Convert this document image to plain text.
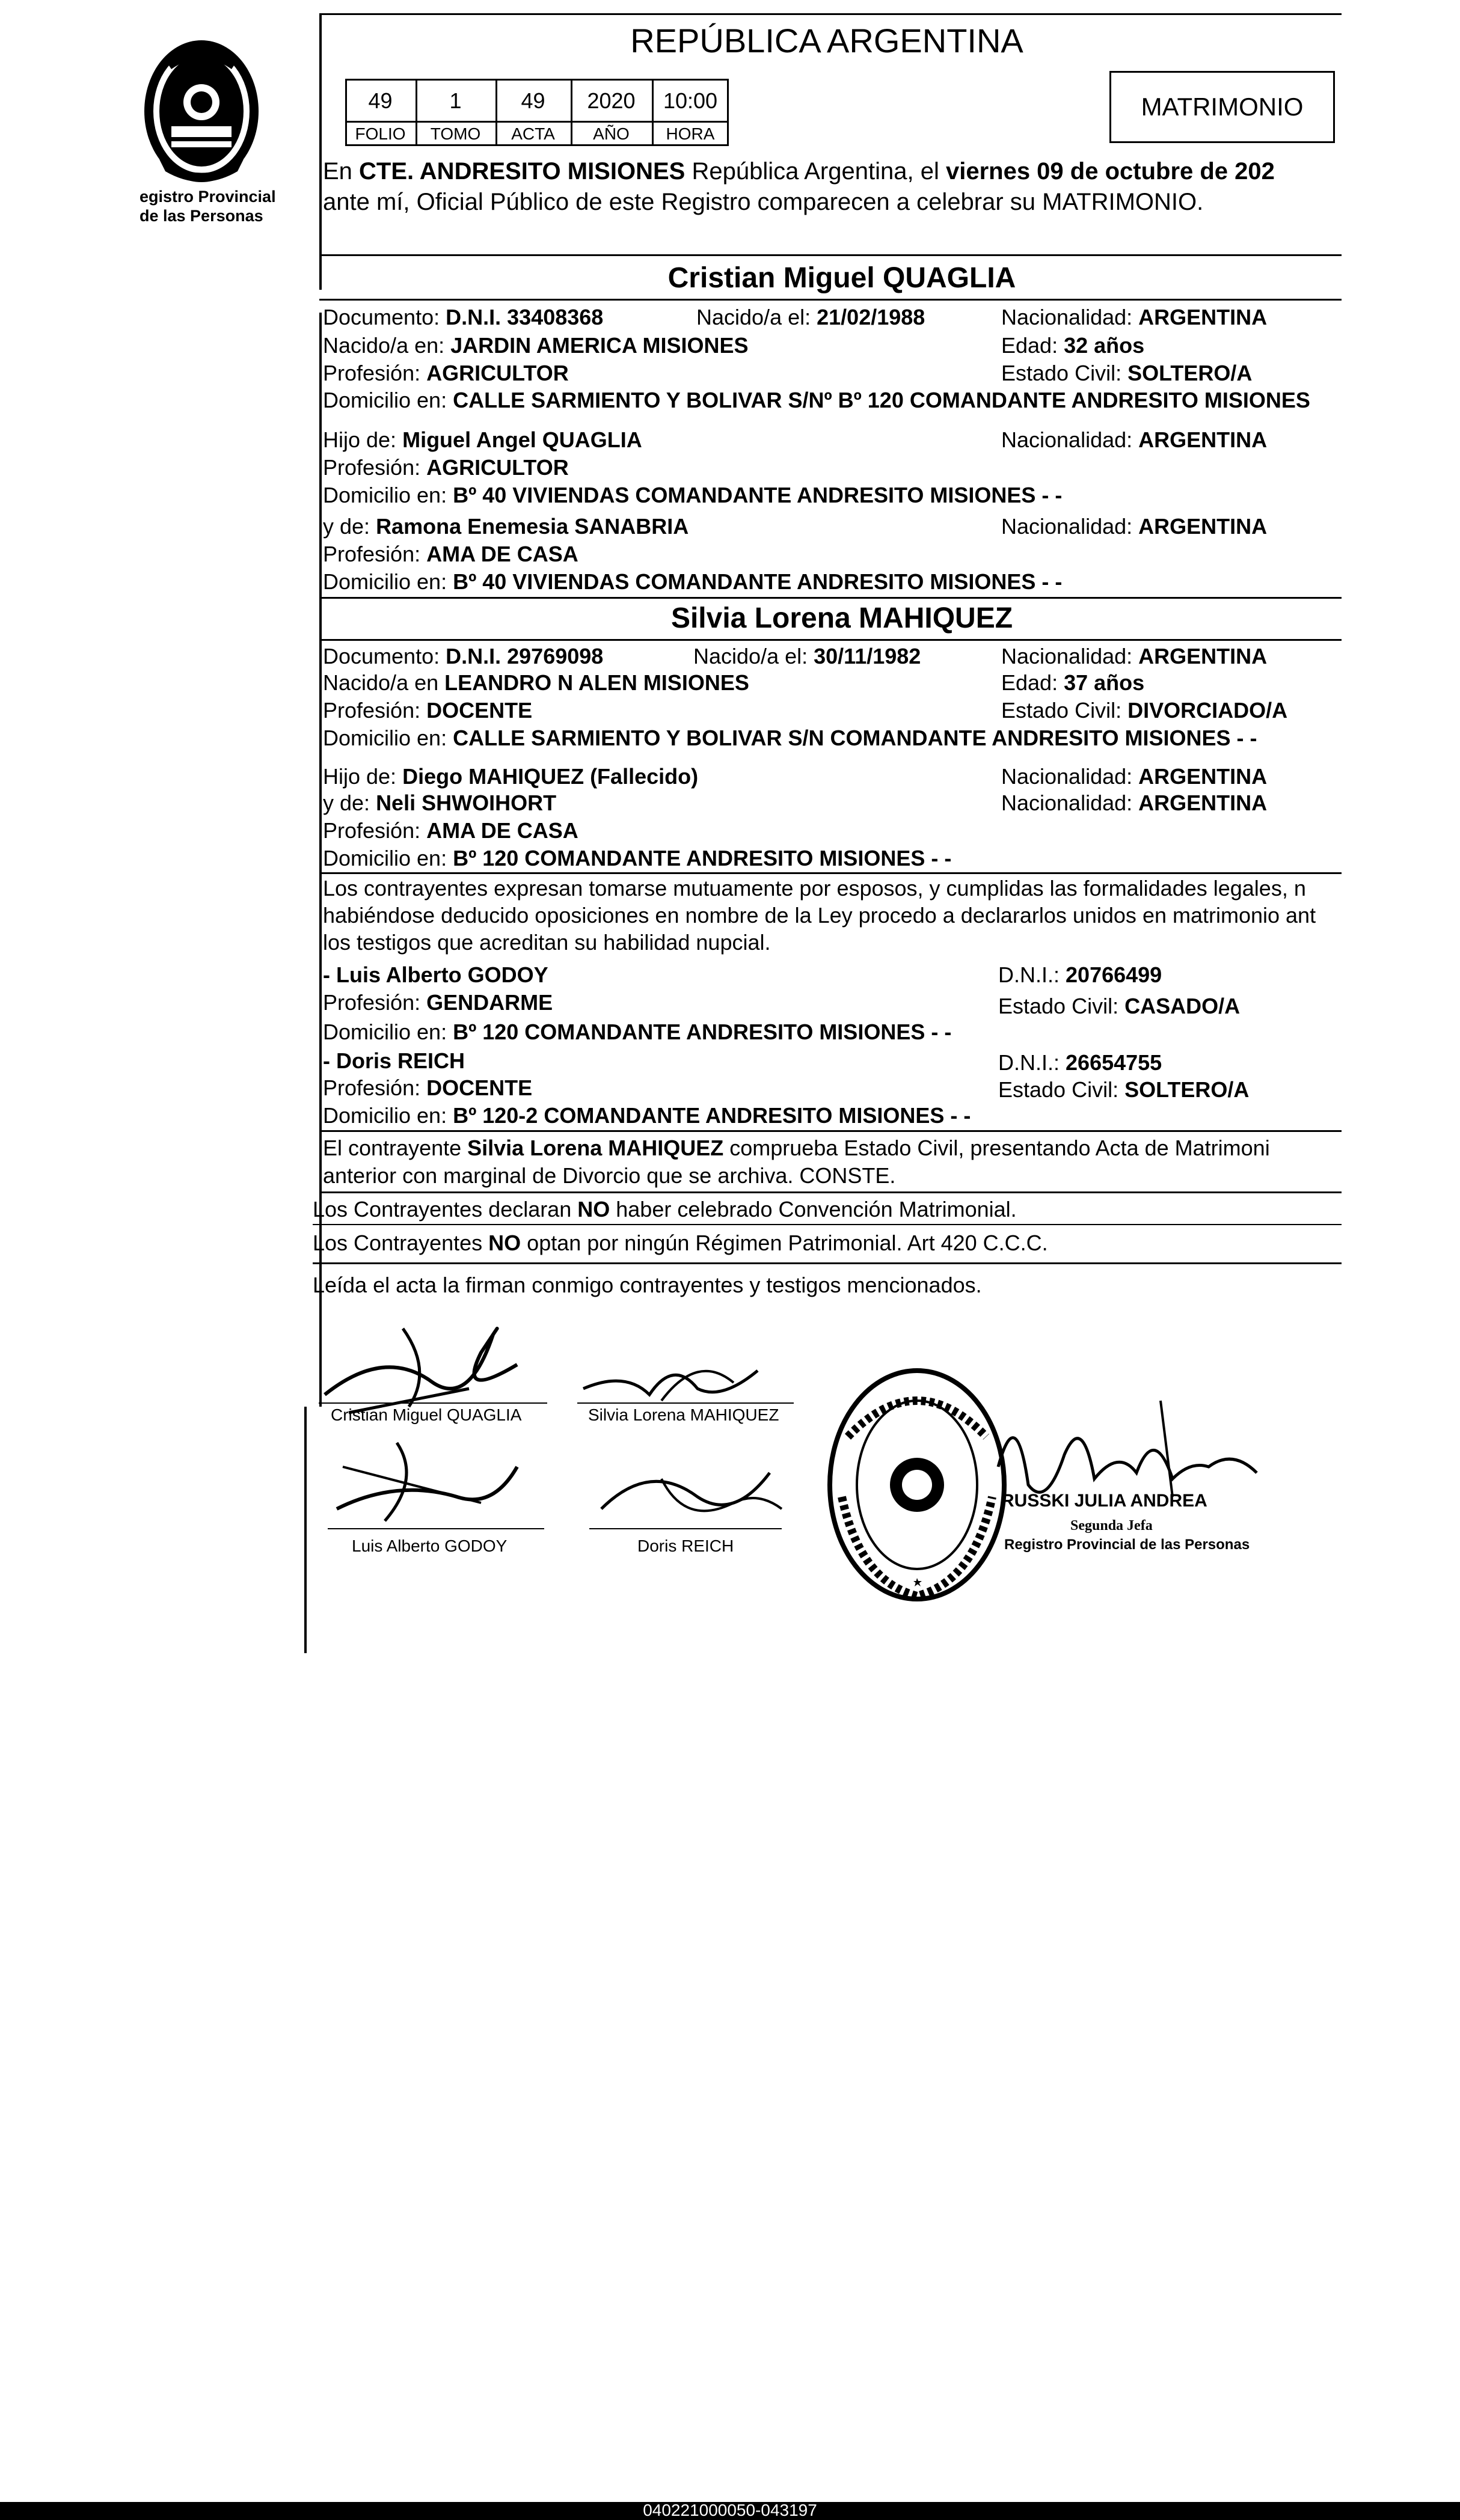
egistro Provincial
de las Personas
REPÚBLICA ARGENTINA
49	1	49	2020	10:00
FOLIO	TOMO	ACTA	AÑO	HORA
MATRIMONIO
En CTE. ANDRESITO MISIONES República Argentina, el viernes 09 de octubre de 202
ante mí, Oficial Público de este Registro comparecen a celebrar su MATRIMONIO.
Cristian Miguel QUAGLIA
Documento: D.N.I. 33408368	Nacido/a el: 21/02/1988	Nacionalidad: ARGENTINA
Nacido/a en: JARDIN AMERICA MISIONES	Edad: 32 años
Profesión: AGRICULTOR	Estado Civil: SOLTERO/A
Domicilio en: CALLE SARMIENTO Y BOLIVAR S/Nº Bº 120 COMANDANTE ANDRESITO MISIONES
Hijo de: Miguel Angel QUAGLIA	Nacionalidad: ARGENTINA
Profesión: AGRICULTOR
Domicilio en: Bº 40 VIVIENDAS COMANDANTE ANDRESITO MISIONES - -
y de: Ramona Enemesia SANABRIA	Nacionalidad: ARGENTINA
Profesión: AMA DE CASA
Domicilio en: Bº 40 VIVIENDAS COMANDANTE ANDRESITO MISIONES - -
Silvia Lorena MAHIQUEZ
Documento: D.N.I. 29769098	Nacido/a el: 30/11/1982	Nacionalidad: ARGENTINA
Nacido/a en LEANDRO N ALEN MISIONES	Edad: 37 años
Profesión: DOCENTE	Estado Civil: DIVORCIADO/A
Domicilio en: CALLE SARMIENTO Y BOLIVAR S/N COMANDANTE ANDRESITO MISIONES - -
Hijo de: Diego MAHIQUEZ (Fallecido)	Nacionalidad: ARGENTINA
y de: Neli SHWOIHORT	Nacionalidad: ARGENTINA
Profesión: AMA DE CASA
Domicilio en: Bº 120 COMANDANTE ANDRESITO MISIONES - -
Los contrayentes expresan tomarse mutuamente por esposos, y cumplidas las formalidades legales, n
habiéndose deducido oposiciones en nombre de la Ley procedo a declararlos unidos en matrimonio ant
los testigos que acreditan su habilidad nupcial.
- Luis Alberto GODOY	D.N.I.: 20766499
Profesión: GENDARME	Estado Civil: CASADO/A
Domicilio en: Bº 120 COMANDANTE ANDRESITO MISIONES - -
- Doris REICH	D.N.I.: 26654755
Profesión: DOCENTE	Estado Civil: SOLTERO/A
Domicilio en: Bº 120-2 COMANDANTE ANDRESITO MISIONES - -
El contrayente Silvia Lorena MAHIQUEZ comprueba Estado Civil, presentando Acta de Matrimoni
anterior con marginal de Divorcio que se archiva. CONSTE.
Los Contrayentes declaran NO haber celebrado Convención Matrimonial.
Los Contrayentes NO optan por ningún Régimen Patrimonial. Art 420 C.C.C.
Leída el acta la firman conmigo contrayentes y testigos mencionados.
Cristian Miguel QUAGLIA	Silvia Lorena MAHIQUEZ
Luis Alberto GODOY	Doris REICH
RUSSKI JULIA ANDREA
Segunda Jefa
Registro Provincial de las Personas
040221000050-043197
